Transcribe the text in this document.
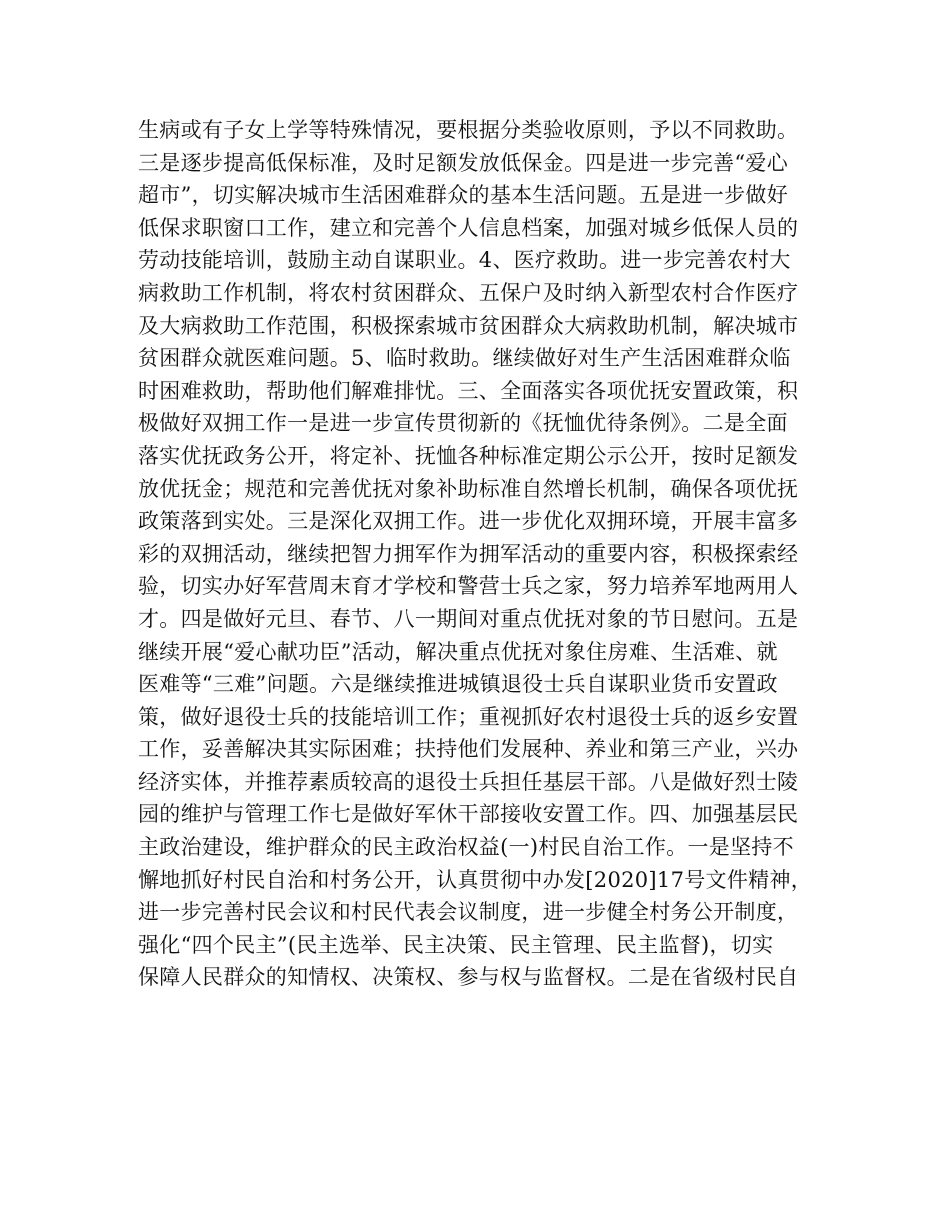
生病或有子女上学等特殊情况，要根据分类验收原则，予以不同救助。
三是逐步提高低保标准，及时足额发放低保金。四是进一步完善“爱心
超市”，切实解决城市生活困难群众的基本生活问题。五是进一步做好
低保求职窗口工作，建立和完善个人信息档案，加强对城乡低保人员的
劳动技能培训，鼓励主动自谋职业。4、医疗救助。进一步完善农村大
病救助工作机制，将农村贫困群众、五保户及时纳入新型农村合作医疗
及大病救助工作范围，积极探索城市贫困群众大病救助机制，解决城市
贫困群众就医难问题。5、临时救助。继续做好对生产生活困难群众临
时困难救助，帮助他们解难排忧。三、全面落实各项优抚安置政策，积
极做好双拥工作一是进一步宣传贯彻新的《抚恤优待条例》。二是全面
落实优抚政务公开，将定补、抚恤各种标准定期公示公开，按时足额发
放优抚金；规范和完善优抚对象补助标准自然增长机制，确保各项优抚
政策落到实处。三是深化双拥工作。进一步优化双拥环境，开展丰富多
彩的双拥活动，继续把智力拥军作为拥军活动的重要内容，积极探索经
验，切实办好军营周末育才学校和警营士兵之家，努力培养军地两用人
才。四是做好元旦、春节、八一期间对重点优抚对象的节日慰问。五是
继续开展“爱心献功臣”活动，解决重点优抚对象住房难、生活难、就
医难等“三难”问题。六是继续推进城镇退役士兵自谋职业货币安置政
策，做好退役士兵的技能培训工作；重视抓好农村退役士兵的返乡安置
工作，妥善解决其实际困难；扶持他们发展种、养业和第三产业，兴办
经济实体，并推荐素质较高的退役士兵担任基层干部。八是做好烈士陵
园的维护与管理工作七是做好军休干部接收安置工作。四、加强基层民
主政治建设，维护群众的民主政治权益(一)村民自治工作。一是坚持不
懈地抓好村民自治和村务公开，认真贯彻中办发[2020]17号文件精神，
进一步完善村民会议和村民代表会议制度，进一步健全村务公开制度，
强化“四个民主”(民主选举、民主决策、民主管理、民主监督)，切实
保障人民群众的知情权、决策权、参与权与监督权。二是在省级村民自
